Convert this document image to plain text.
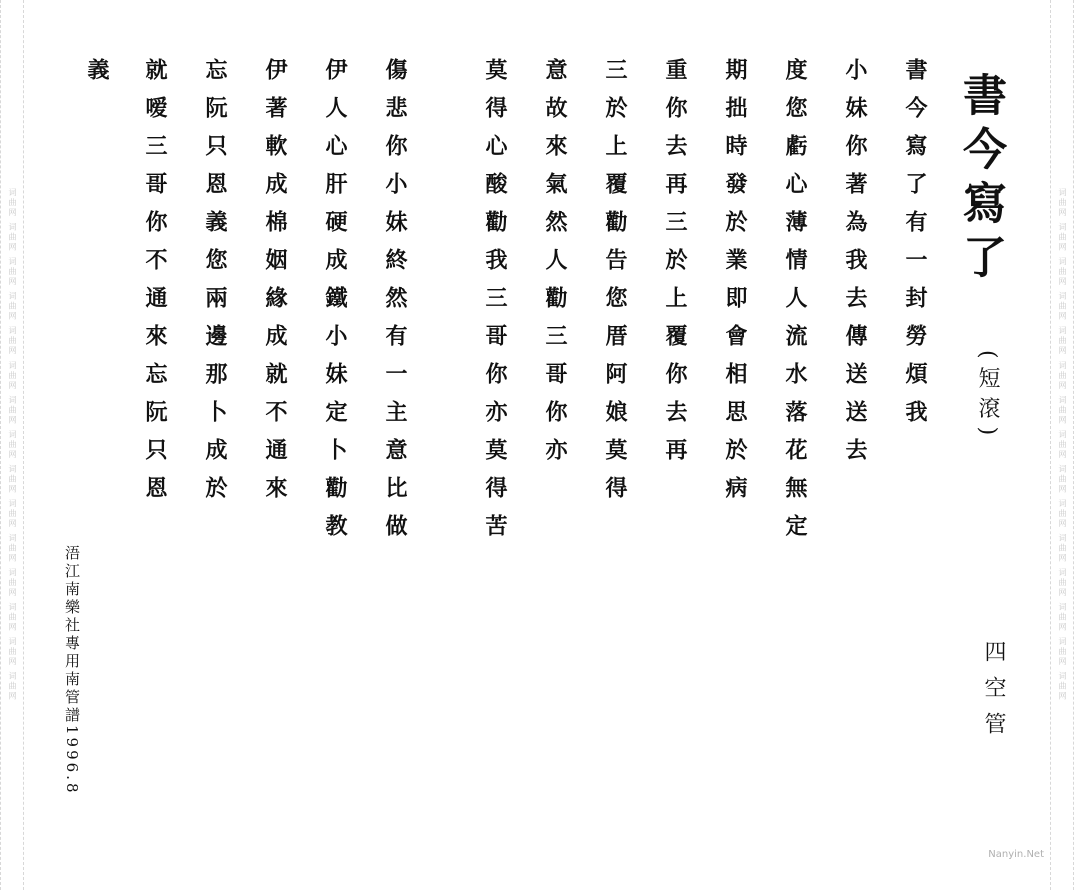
词曲网 词曲网 词曲网 词曲网 词曲网 词曲网 词曲网 词曲网 词曲网 词曲网 词曲网 词曲网 词曲网 词曲网 词曲网	词曲网 词曲网 词曲网 词曲网 词曲网 词曲网 词曲网 词曲网 词曲网 词曲网 词曲网 词曲网 词曲网 词曲网 词曲网
書今寫了
(短滾)
四空管
書今寫了有一封勞煩我
小妹你著為我去傳送送去
度您虧心薄情人流水落花無定
期拙時發於業即會相思於病
重你去再三於上覆你去再
三於上覆勸告您厝阿娘莫得
意故來氣然人勸三哥你亦
莫得心酸勸我三哥你亦莫得苦
傷悲你小妹終然有一主意比做
伊人心肝硬成鐵小妹定卜勸教
伊著軟成棉姻緣成就不通來
忘阮只恩義您兩邊那卜成於
就嗳三哥你不通來忘阮只恩
義
浯江南樂社專用南管譜1996.8
Nanyin.Net
